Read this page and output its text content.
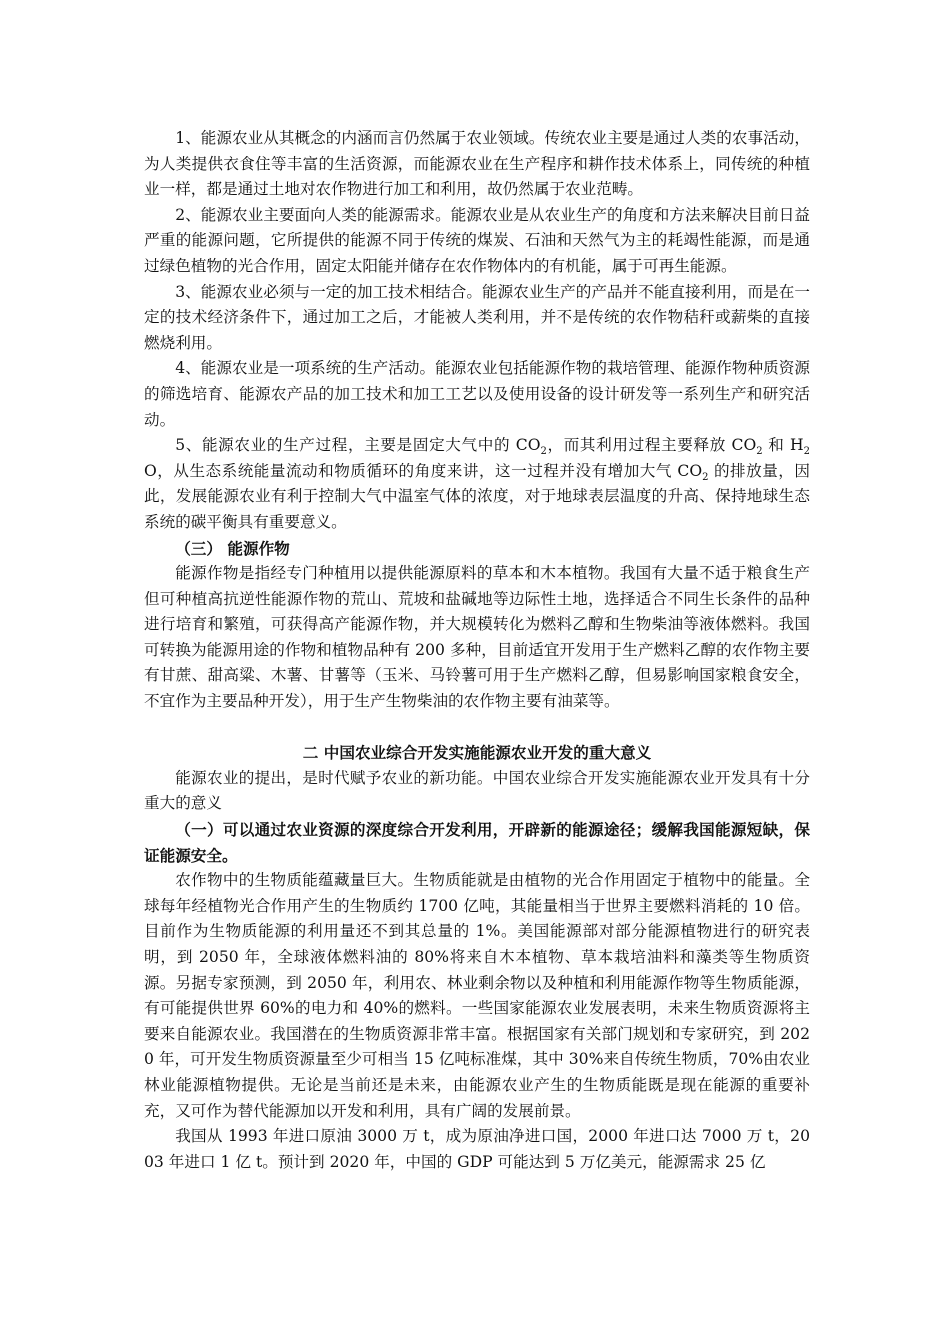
1、能源农业从其概念的内涵而言仍然属于农业领域。传统农业主要是通过人类的农事活动，为人类提供衣食住等丰富的生活资源，而能源农业在生产程序和耕作技术体系上，同传统的种植业一样，都是通过土地对农作物进行加工和利用，故仍然属于农业范畴。

2、能源农业主要面向人类的能源需求。能源农业是从农业生产的角度和方法来解决目前日益严重的能源问题，它所提供的能源不同于传统的煤炭、石油和天然气为主的耗竭性能源，而是通过绿色植物的光合作用，固定太阳能并储存在农作物体内的有机能，属于可再生能源。

3、能源农业必须与一定的加工技术相结合。能源农业生产的产品并不能直接利用，而是在一定的技术经济条件下，通过加工之后，才能被人类利用，并不是传统的农作物秸秆或薪柴的直接燃烧利用。

4、能源农业是一项系统的生产活动。能源农业包括能源作物的栽培管理、能源作物种质资源的筛选培育、能源农产品的加工技术和加工工艺以及使用设备的设计研发等一系列生产和研究活动。

5、能源农业的生产过程，主要是固定大气中的 $CO_2$，而其利用过程主要释放 $CO_2$ 和 $H_2O$，从生态系统能量流动和物质循环的角度来讲，这一过程并没有增加大气 $CO_2$ 的排放量，因此，发展能源农业有利于控制大气中温室气体的浓度，对于地球表层温度的升高、保持地球生态系统的碳平衡具有重要意义。

（三） 能源作物

能源作物是指经专门种植用以提供能源原料的草本和木本植物。我国有大量不适于粮食生产但可种植高抗逆性能源作物的荒山、荒坡和盐碱地等边际性土地，选择适合不同生长条件的品种进行培育和繁殖，可获得高产能源作物，并大规模转化为燃料乙醇和生物柴油等液体燃料。我国可转换为能源用途的作物和植物品种有 200 多种，目前适宜开发用于生产燃料乙醇的农作物主要有甘蔗、甜高粱、木薯、甘薯等（玉米、马铃薯可用于生产燃料乙醇，但易影响国家粮食安全，不宜作为主要品种开发），用于生产生物柴油的农作物主要有油菜等。

二 中国农业综合开发实施能源农业开发的重大意义

能源农业的提出，是时代赋予农业的新功能。中国农业综合开发实施能源农业开发具有十分重大的意义

（一）可以通过农业资源的深度综合开发利用，开辟新的能源途径；缓解我国能源短缺，保证能源安全。

农作物中的生物质能蕴藏量巨大。生物质能就是由植物的光合作用固定于植物中的能量。全球每年经植物光合作用产生的生物质约 1700 亿吨，其能量相当于世界主要燃料消耗的 10 倍。目前作为生物质能源的利用量还不到其总量的 1%。美国能源部对部分能源植物进行的研究表明，到 2050 年，全球液体燃料油的 80%将来自木本植物、草本栽培油料和藻类等生物质资源。另据专家预测，到 2050 年，利用农、林业剩余物以及种植和利用能源作物等生物质能源，有可能提供世界 60%的电力和 40%的燃料。一些国家能源农业发展表明，未来生物质资源将主要来自能源农业。我国潜在的生物质资源非常丰富。根据国家有关部门规划和专家研究，到 2020 年，可开发生物质资源量至少可相当 15 亿吨标准煤，其中 30%来自传统生物质，70%由农业林业能源植物提供。无论是当前还是未来，由能源农业产生的生物质能既是现在能源的重要补充，又可作为替代能源加以开发和利用，具有广阔的发展前景。

我国从 1993 年进口原油 3000 万 t，成为原油净进口国，2000 年进口达 7000 万 t，2003 年进口 1 亿 t。预计到 2020 年，中国的 GDP 可能达到 5 万亿美元，能源需求 25 亿
